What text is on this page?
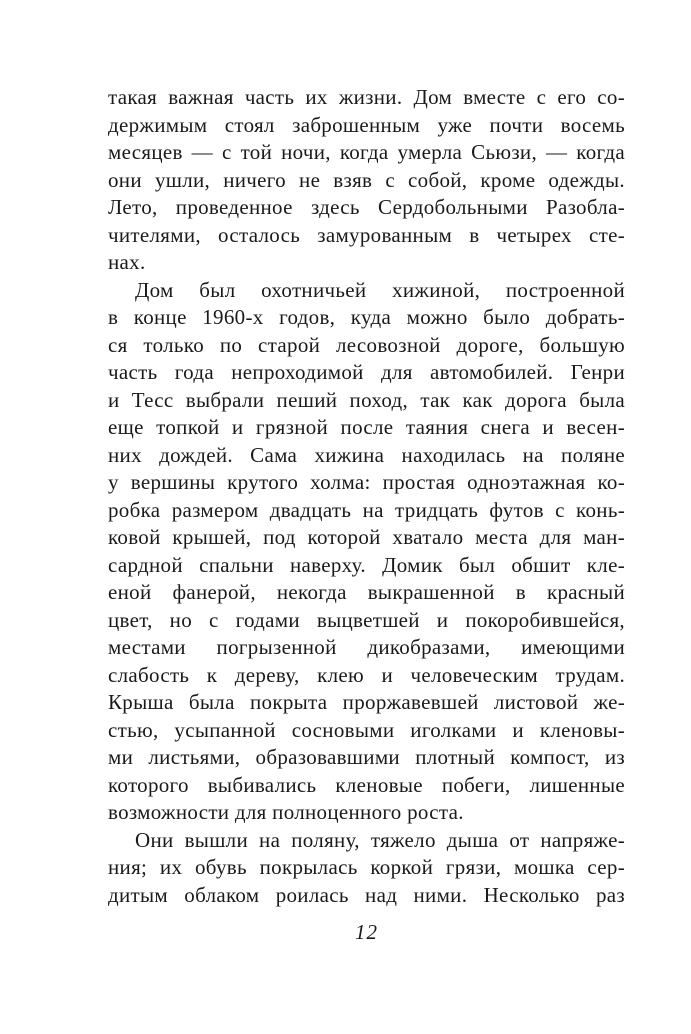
такая важная часть их жизни. Дом вместе с его со-
держимым стоял заброшенным уже почти восемь
месяцев — с той ночи, когда умерла Сьюзи, — когда
они ушли, ничего не взяв с собой, кроме одежды.
Лето, проведенное здесь Сердобольными Разобла-
чителями, осталось замурованным в четырех сте-
нах.
Дом был охотничьей хижиной, построенной
в конце 1960-х годов, куда можно было добрать-
ся только по старой лесовозной дороге, большую
часть года непроходимой для автомобилей. Генри
и Тесс выбрали пеший поход, так как дорога была
еще топкой и грязной после таяния снега и весен-
них дождей. Сама хижина находилась на поляне
у вершины крутого холма: простая одноэтажная ко-
робка размером двадцать на тридцать футов с конь-
ковой крышей, под которой хватало места для ман-
сардной спальни наверху. Домик был обшит кле-
еной фанерой, некогда выкрашенной в красный
цвет, но с годами выцветшей и покоробившейся,
местами погрызенной дикобразами, имеющими
слабость к дереву, клею и человеческим трудам.
Крыша была покрыта проржавевшей листовой же-
стью, усыпанной сосновыми иголками и кленовы-
ми листьями, образовавшими плотный компост, из
которого выбивались кленовые побеги, лишенные
возможности для полноценного роста.
Они вышли на поляну, тяжело дыша от напряже-
ния; их обувь покрылась коркой грязи, мошка сер-
дитым облаком роилась над ними. Несколько раз
12
